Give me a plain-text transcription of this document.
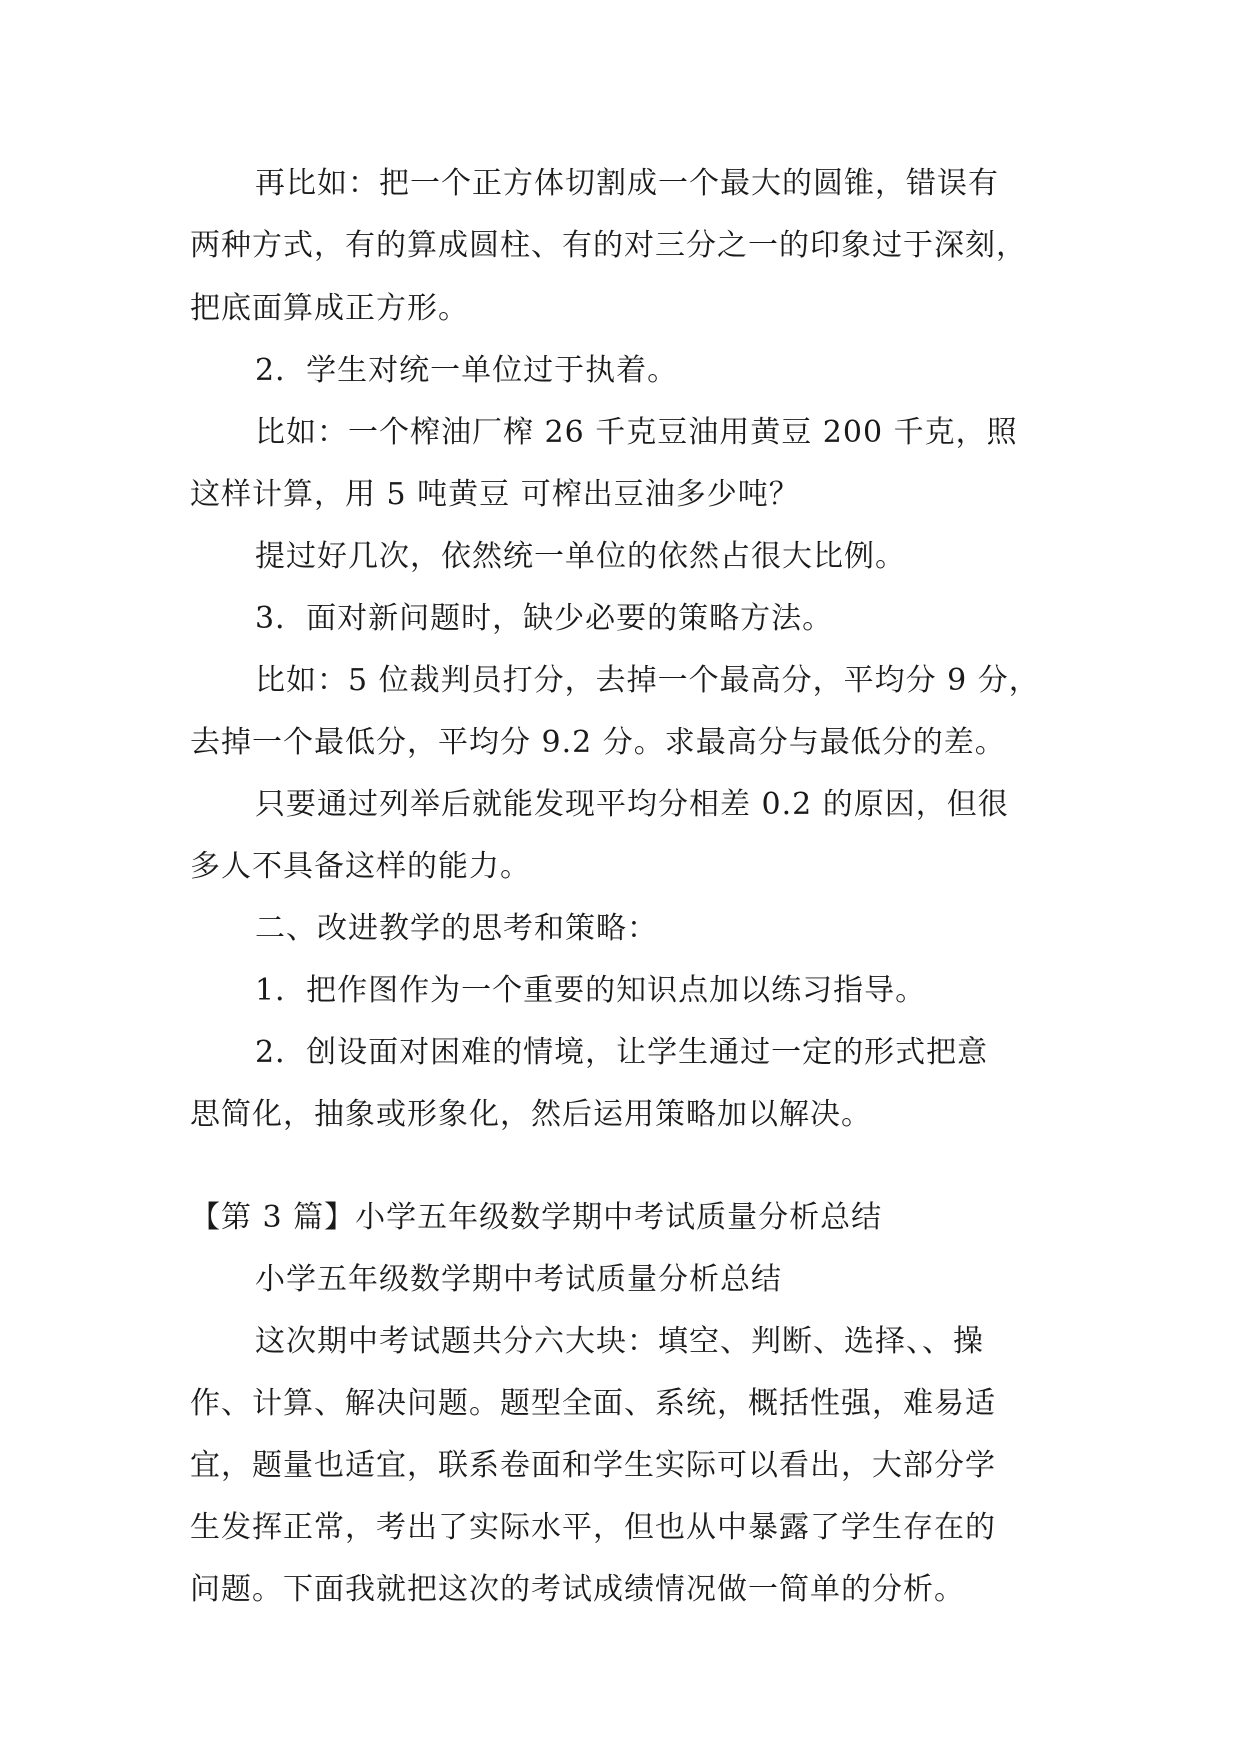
再比如：把一个正方体切割成一个最大的圆锥，错误有
两种方式，有的算成圆柱、有的对三分之一的印象过于深刻，
把底面算成正方形。
2．学生对统一单位过于执着。
比如：一个榨油厂榨 26 千克豆油用黄豆 200 千克，照
这样计算，用 5 吨黄豆 可榨出豆油多少吨？
提过好几次，依然统一单位的依然占很大比例。
3．面对新问题时，缺少必要的策略方法。
比如：5 位裁判员打分，去掉一个最高分，平均分 9 分，
去掉一个最低分，平均分 9.2 分。求最高分与最低分的差。
只要通过列举后就能发现平均分相差 0.2 的原因，但很
多人不具备这样的能力。
二、改进教学的思考和策略：
1．把作图作为一个重要的知识点加以练习指导。
2．创设面对困难的情境，让学生通过一定的形式把意
思简化，抽象或形象化，然后运用策略加以解决。
【第 3 篇】小学五年级数学期中考试质量分析总结
小学五年级数学期中考试质量分析总结
这次期中考试题共分六大块：填空、判断、选择、、操
作、计算、解决问题。题型全面、系统，概括性强，难易适
宜，题量也适宜，联系卷面和学生实际可以看出，大部分学
生发挥正常，考出了实际水平，但也从中暴露了学生存在的
问题。下面我就把这次的考试成绩情况做一简单的分析。
